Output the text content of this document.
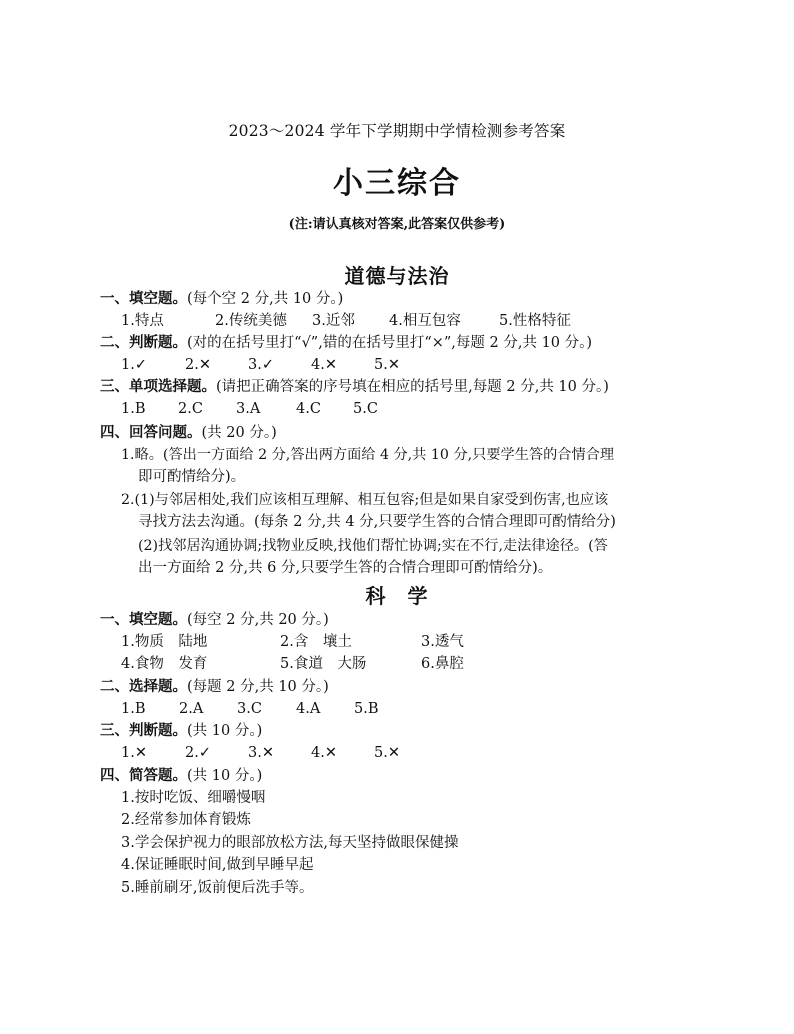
2023～2024 学年下学期期中学情检测参考答案
小三综合
(注:请认真核对答案,此答案仅供参考)
道德与法治
一、填空题。(每个空 2 分,共 10 分。)
1.特点	2.传统美德 3.近邻 4.相互包容	5.性格特征
二、判断题。(对的在括号里打“√”,错的在括号里打“×”,每题 2 分,共 10 分。)
1.✓	2.✕	3.✓	4.✕	5.✕
三、单项选择题。(请把正确答案的序号填在相应的括号里,每题 2 分,共 10 分。)
1.B 2.C 3.A 4.C 5.C
四、回答问题。(共 20 分。)
1.略。(答出一方面给 2 分,答出两方面给 4 分,共 10 分,只要学生答的合情合理
即可酌情给分)。
2.(1)与邻居相处,我们应该相互理解、相互包容;但是如果自家受到伤害,也应该
寻找方法去沟通。(每条 2 分,共 4 分,只要学生答的合情合理即可酌情给分)
(2)找邻居沟通协调;找物业反映,找他们帮忙协调;实在不行,走法律途径。(答
出一方面给 2 分,共 6 分,只要学生答的合情合理即可酌情给分)。
科　学
一、填空题。(每空 2 分,共 20 分。)
1.物质　陆地	2.含　壤土	3.透气
4.食物　发育	5.食道　大肠	6.鼻腔
二、选择题。(每题 2 分,共 10 分。)
1.B 2.A 3.C 4.A 5.B
三、判断题。(共 10 分。)
1.✕	2.✓	3.✕	4.✕	5.✕
四、简答题。(共 10 分。)
1.按时吃饭、细嚼慢咽
2.经常参加体育锻炼
3.学会保护视力的眼部放松方法,每天坚持做眼保健操
4.保证睡眠时间,做到早睡早起
5.睡前刷牙,饭前便后洗手等。
